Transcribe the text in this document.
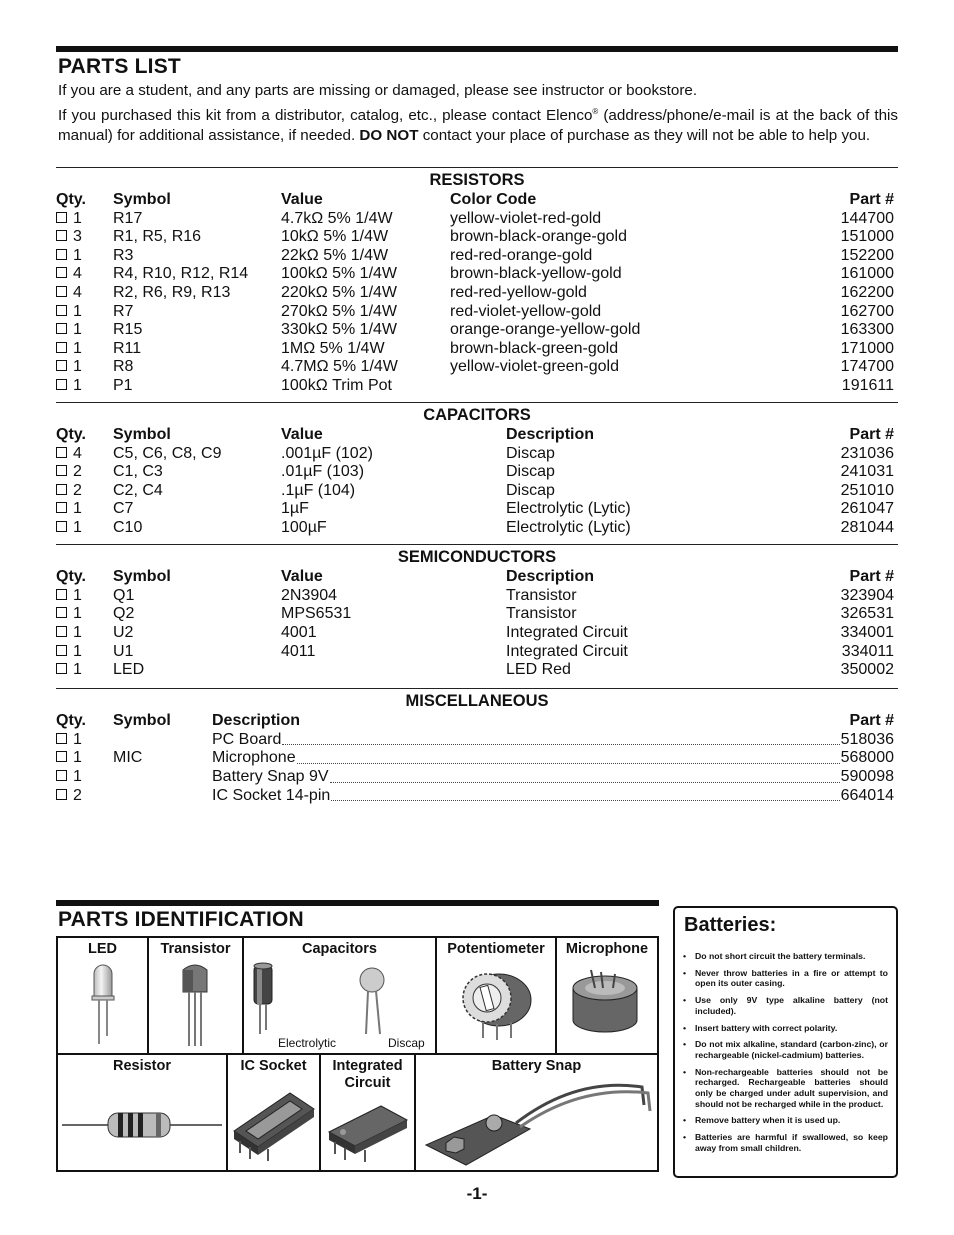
PARTS LIST
If you are a student, and any parts are missing or damaged, please see instructor or bookstore.
If you purchased this kit from a distributor, catalog, etc., please contact Elenco® (address/phone/e-mail is at the back of this manual) for additional assistance, if needed. DO NOT contact your place of purchase as they will not be able to help you.
RESISTORS
Qty.	Symbol	Value	Color Code	Part #
1	R17	4.7kΩ 5% 1/4W	yellow-violet-red-gold	144700
3	R1, R5, R16	10kΩ 5% 1/4W	brown-black-orange-gold	151000
1	R3	22kΩ 5% 1/4W	red-red-orange-gold	152200
4	R4, R10, R12, R14	100kΩ 5% 1/4W	brown-black-yellow-gold	161000
4	R2, R6, R9, R13	220kΩ 5% 1/4W	red-red-yellow-gold	162200
1	R7	270kΩ 5% 1/4W	red-violet-yellow-gold	162700
1	R15	330kΩ 5% 1/4W	orange-orange-yellow-gold	163300
1	R11	1MΩ 5% 1/4W	brown-black-green-gold	171000
1	R8	4.7MΩ 5% 1/4W	yellow-violet-green-gold	174700
1	P1	100kΩ Trim Pot		191611
CAPACITORS
Qty.	Symbol	Value	Description	Part #
4	C5, C6, C8, C9	.001µF (102)	Discap	231036
2	C1, C3	.01µF (103)	Discap	241031
2	C2, C4	.1µF (104)	Discap	251010
1	C7	1µF	Electrolytic (Lytic)	261047
1	C10	100µF	Electrolytic (Lytic)	281044
SEMICONDUCTORS
Qty.	Symbol	Value	Description	Part #
1	Q1	2N3904	Transistor	323904
1	Q2	MPS6531	Transistor	326531
1	U2	4001	Integrated Circuit	334001
1	U1	4011	Integrated Circuit	334011
1	LED		LED Red	350002
MISCELLANEOUS
Qty.	Symbol	Description Part #

1		PC Board 518036

1	MIC	Microphone 568000

1		Battery Snap 9V 590098

2		IC Socket 14-pin 664014
PARTS IDENTIFICATION
LED	Transistor	Capacitors
Electrolytic	Discap
Potentiometer	Microphone
Resistor	IC Socket	Integrated
Circuit
Battery Snap
Batteries:
• Do not short circuit the battery terminals.
• Never throw batteries in a fire or attempt to open its outer casing.
• Use only 9V type alkaline battery (not included).
• Insert battery with correct polarity.
• Do not mix alkaline, standard (carbon-zinc), or rechargeable (nickel-cadmium) batteries.
• Non-rechargeable batteries should not be recharged. Rechargeable batteries should only be charged under adult supervision, and should not be recharged while in the product.
• Remove battery when it is used up.
• Batteries are harmful if swallowed, so keep away from small children.
-1-
